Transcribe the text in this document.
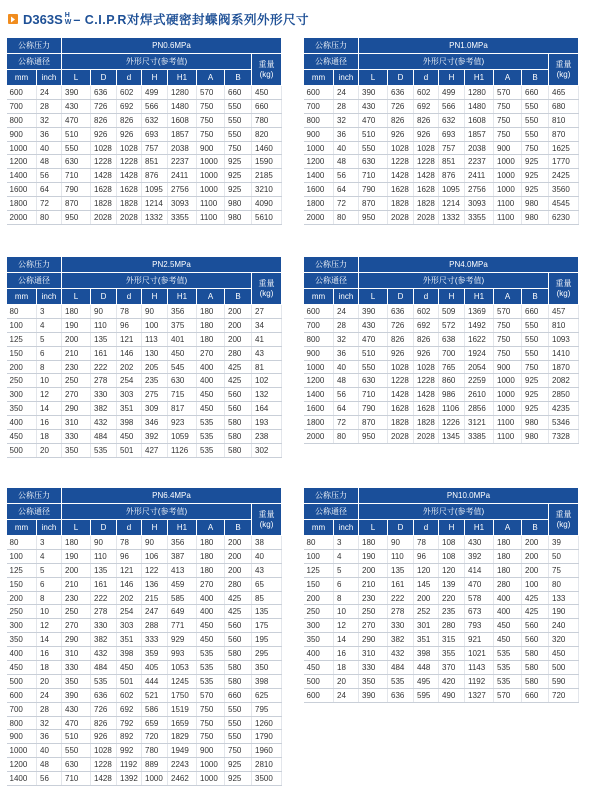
D363S H
W – C.I.P.R对焊式硬密封蝶阀系列外形尺寸
公称压力		PN0.6MPa							
公称通径		外形尺寸(参考值)							重量
(kg)

mm	inch	L	D	d	H	H1	A	B	
600	24	390	636	602	499	1280	570	660	450
700	28	430	726	692	566	1480	750	550	660
800	32	470	826	826	632	1608	750	550	780
900	36	510	926	926	693	1857	750	550	820
1000	40	550	1028	1028	757	2038	900	750	1460
1200	48	630	1228	1228	851	2237	1000	925	1590
1400	56	710	1428	1428	876	2411	1000	925	2185
1600	64	790	1628	1628	1095	2756	1000	925	3210
1800	72	870	1828	1828	1214	3093	1100	980	4090
2000	80	950	2028	2028	1332	3355	1100	980	5610
公称压力		PN1.0MPa							
公称通径		外形尺寸(参考值)							重量
(kg)

mm	inch	L	D	d	H	H1	A	B	
600	24	390	636	602	499	1280	570	660	465
700	28	430	726	692	566	1480	750	550	680
800	32	470	826	826	632	1608	750	550	810
900	36	510	926	926	693	1857	750	550	870
1000	40	550	1028	1028	757	2038	900	750	1625
1200	48	630	1228	1228	851	2237	1000	925	1770
1400	56	710	1428	1428	876	2411	1000	925	2425
1600	64	790	1628	1628	1095	2756	1000	925	3560
1800	72	870	1828	1828	1214	3093	1100	980	4545
2000	80	950	2028	2028	1332	3355	1100	980	6230
公称压力		PN2.5MPa							
公称通径		外形尺寸(参考值)							重量
(kg)

mm	inch	L	D	d	H	H1	A	B	
80	3	180	90	78	90	356	180	200	27
100	4	190	110	96	100	375	180	200	34
125	5	200	135	121	113	401	180	200	41
150	6	210	161	146	130	450	270	280	43
200	8	230	222	202	205	545	400	425	81
250	10	250	278	254	235	630	400	425	102
300	12	270	330	303	275	715	450	560	132
350	14	290	382	351	309	817	450	560	164
400	16	310	432	398	346	923	535	580	193
450	18	330	484	450	392	1059	535	580	238
500	20	350	535	501	427	1126	535	580	302
公称压力		PN4.0MPa							
公称通径		外形尺寸(参考值)							重量
(kg)

mm	inch	L	D	d	H	H1	A	B	
600	24	390	636	602	509	1369	570	660	457
700	28	430	726	692	572	1492	750	550	810
800	32	470	826	826	638	1622	750	550	1093
900	36	510	926	926	700	1924	750	550	1410
1000	40	550	1028	1028	765	2054	900	750	1870
1200	48	630	1228	1228	860	2259	1000	925	2082
1400	56	710	1428	1428	986	2610	1000	925	2850
1600	64	790	1628	1628	1106	2856	1000	925	4235
1800	72	870	1828	1828	1226	3121	1100	980	5346
2000	80	950	2028	2028	1345	3385	1100	980	7328
公称压力		PN6.4MPa							
公称通径		外形尺寸(参考值)							重量
(kg)

mm	inch	L	D	d	H	H1	A	B	
80	3	180	90	78	90	356	180	200	38
100	4	190	110	96	106	387	180	200	40
125	5	200	135	121	122	413	180	200	43
150	6	210	161	146	136	459	270	280	65
200	8	230	222	202	215	585	400	425	85
250	10	250	278	254	247	649	400	425	135
300	12	270	330	303	288	771	450	560	175
350	14	290	382	351	333	929	450	560	195
400	16	310	432	398	359	993	535	580	295
450	18	330	484	450	405	1053	535	580	350
500	20	350	535	501	444	1245	535	580	398
600	24	390	636	602	521	1750	570	660	625
700	28	430	726	692	586	1519	750	550	795
800	32	470	826	792	659	1659	750	550	1260
900	36	510	926	892	720	1829	750	550	1790
1000	40	550	1028	992	780	1949	900	750	1960
1200	48	630	1228	1192	889	2243	1000	925	2810
1400	56	710	1428	1392	1000	2462	1000	925	3500
公称压力		PN10.0MPa							
公称通径		外形尺寸(参考值)							重量
(kg)

mm	inch	L	D	d	H	H1	A	B	
80	3	180	90	78	108	430	180	200	39
100	4	190	110	96	108	392	180	200	50
125	5	200	135	120	120	414	180	200	75
150	6	210	161	145	139	470	280	100	80
200	8	230	222	200	220	578	400	425	133
250	10	250	278	252	235	673	400	425	190
300	12	270	330	301	280	793	450	560	240
350	14	290	382	351	315	921	450	560	320
400	16	310	432	398	355	1021	535	580	450
450	18	330	484	448	370	1143	535	580	500
500	20	350	535	495	420	1192	535	580	590
600	24	390	636	595	490	1327	570	660	720
